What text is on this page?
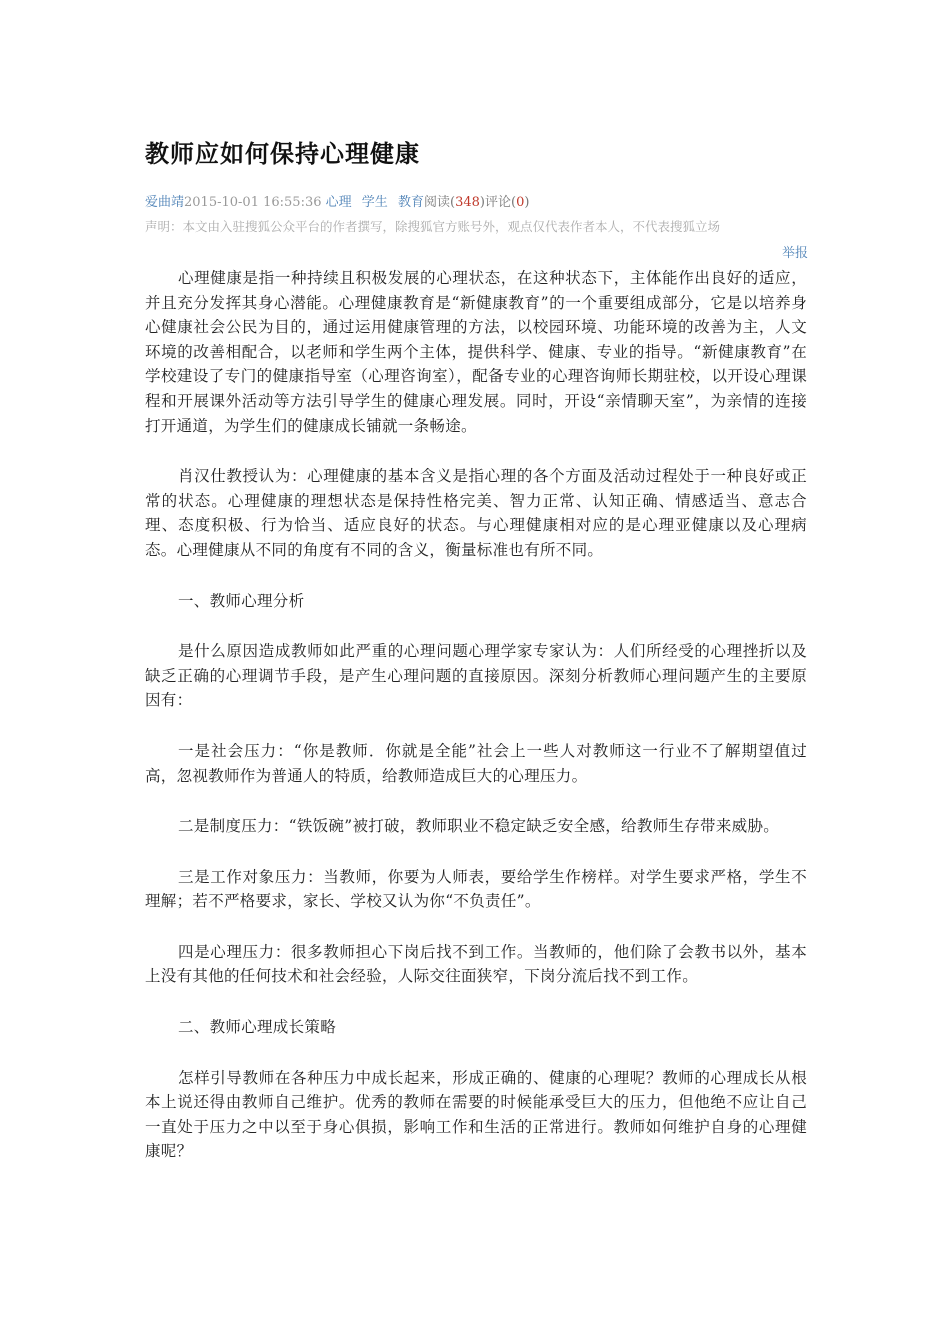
教师应如何保持心理健康
爱曲靖2015-10-01 16:55:36 心理 学生 教育阅读(348)评论(0)
声明：本文由入驻搜狐公众平台的作者撰写，除搜狐官方账号外，观点仅代表作者本人，不代表搜狐立场
举报

心理健康是指一种持续且积极发展的心理状态，在这种状态下，主体能作出良好的适应，并且充分发挥其身心潜能。心理健康教育是“新健康教育”的一个重要组成部分，它是以培养身心健康社会公民为目的，通过运用健康管理的方法，以校园环境、功能环境的改善为主，人文环境的改善相配合，以老师和学生两个主体，提供科学、健康、专业的指导。“新健康教育”在学校建设了专门的健康指导室（心理咨询室），配备专业的心理咨询师长期驻校，以开设心理课程和开展课外活动等方法引导学生的健康心理发展。同时，开设“亲情聊天室”，为亲情的连接打开通道，为学生们的健康成长铺就一条畅途。

肖汉仕教授认为：心理健康的基本含义是指心理的各个方面及活动过程处于一种良好或正常的状态。心理健康的理想状态是保持性格完美、智力正常、认知正确、情感适当、意志合理、态度积极、行为恰当、适应良好的状态。与心理健康相对应的是心理亚健康以及心理病态。心理健康从不同的角度有不同的含义，衡量标准也有所不同。

一、教师心理分析

是什么原因造成教师如此严重的心理问题心理学家专家认为：人们所经受的心理挫折以及缺乏正确的心理调节手段，是产生心理问题的直接原因。深刻分析教师心理问题产生的主要原因有：

一是社会压力：“你是教师．你就是全能”社会上一些人对教师这一行业不了解期望值过高，忽视教师作为普通人的特质，给教师造成巨大的心理压力。

二是制度压力：“铁饭碗”被打破，教师职业不稳定缺乏安全感，给教师生存带来威胁。

三是工作对象压力：当教师，你要为人师表，要给学生作榜样。对学生要求严格，学生不理解；若不严格要求，家长、学校又认为你“不负责任”。

四是心理压力：很多教师担心下岗后找不到工作。当教师的，他们除了会教书以外，基本上没有其他的任何技术和社会经验，人际交往面狭窄，下岗分流后找不到工作。

二、教师心理成长策略

怎样引导教师在各种压力中成长起来，形成正确的、健康的心理呢？教师的心理成长从根本上说还得由教师自己维护。优秀的教师在需要的时候能承受巨大的压力，但他绝不应让自己一直处于压力之中以至于身心俱损，影响工作和生活的正常进行。教师如何维护自身的心理健康呢？
